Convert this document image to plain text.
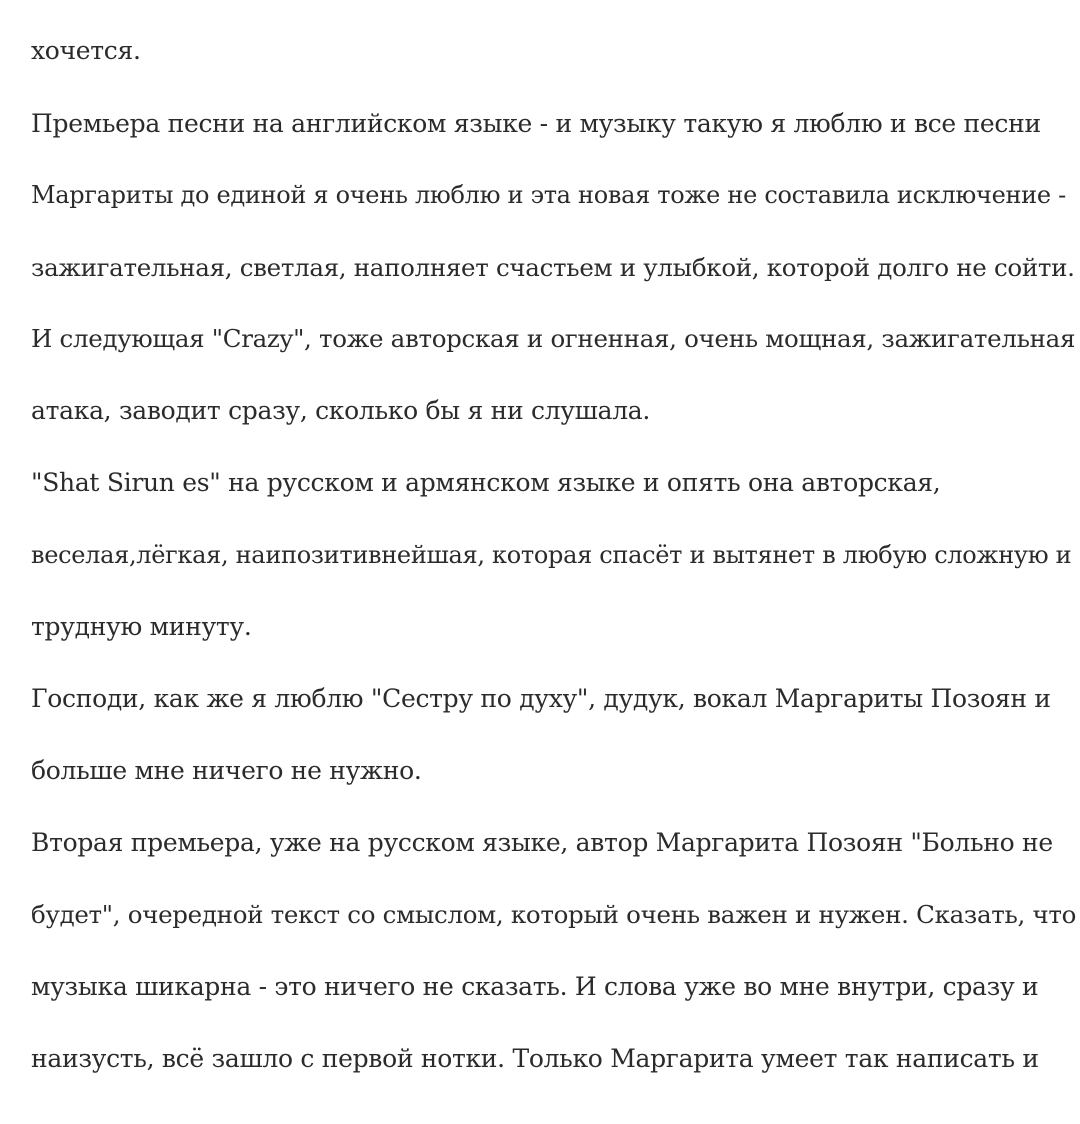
хочется.
Премьера песни на английском языке - и музыку такую я люблю и все песни
Маргариты до единой я очень люблю и эта новая тоже не составила исключение -
зажигательная, светлая, наполняет счастьем и улыбкой, которой долго не сойти.
И следующая "Crazy", тоже авторская и огненная, очень мощная, зажигательная
атака, заводит сразу, сколько бы я ни слушала.
"Shat Sirun es" на русском и армянском языке и опять она авторская,
веселая,лёгкая, наипозитивнейшая, которая спасёт и вытянет в любую сложную и
трудную минуту.
Господи, как же я люблю "Сестру по духу", дудук, вокал Маргариты Позоян и
больше мне ничего не нужно.
Вторая премьера, уже на русском языке, автор Маргарита Позоян "Больно не
будет", очередной текст со смыслом, который очень важен и нужен. Сказать, что
музыка шикарна - это ничего не сказать. И слова уже во мне внутри, сразу и
наизусть, всё зашло с первой нотки. Только Маргарита умеет так написать и
